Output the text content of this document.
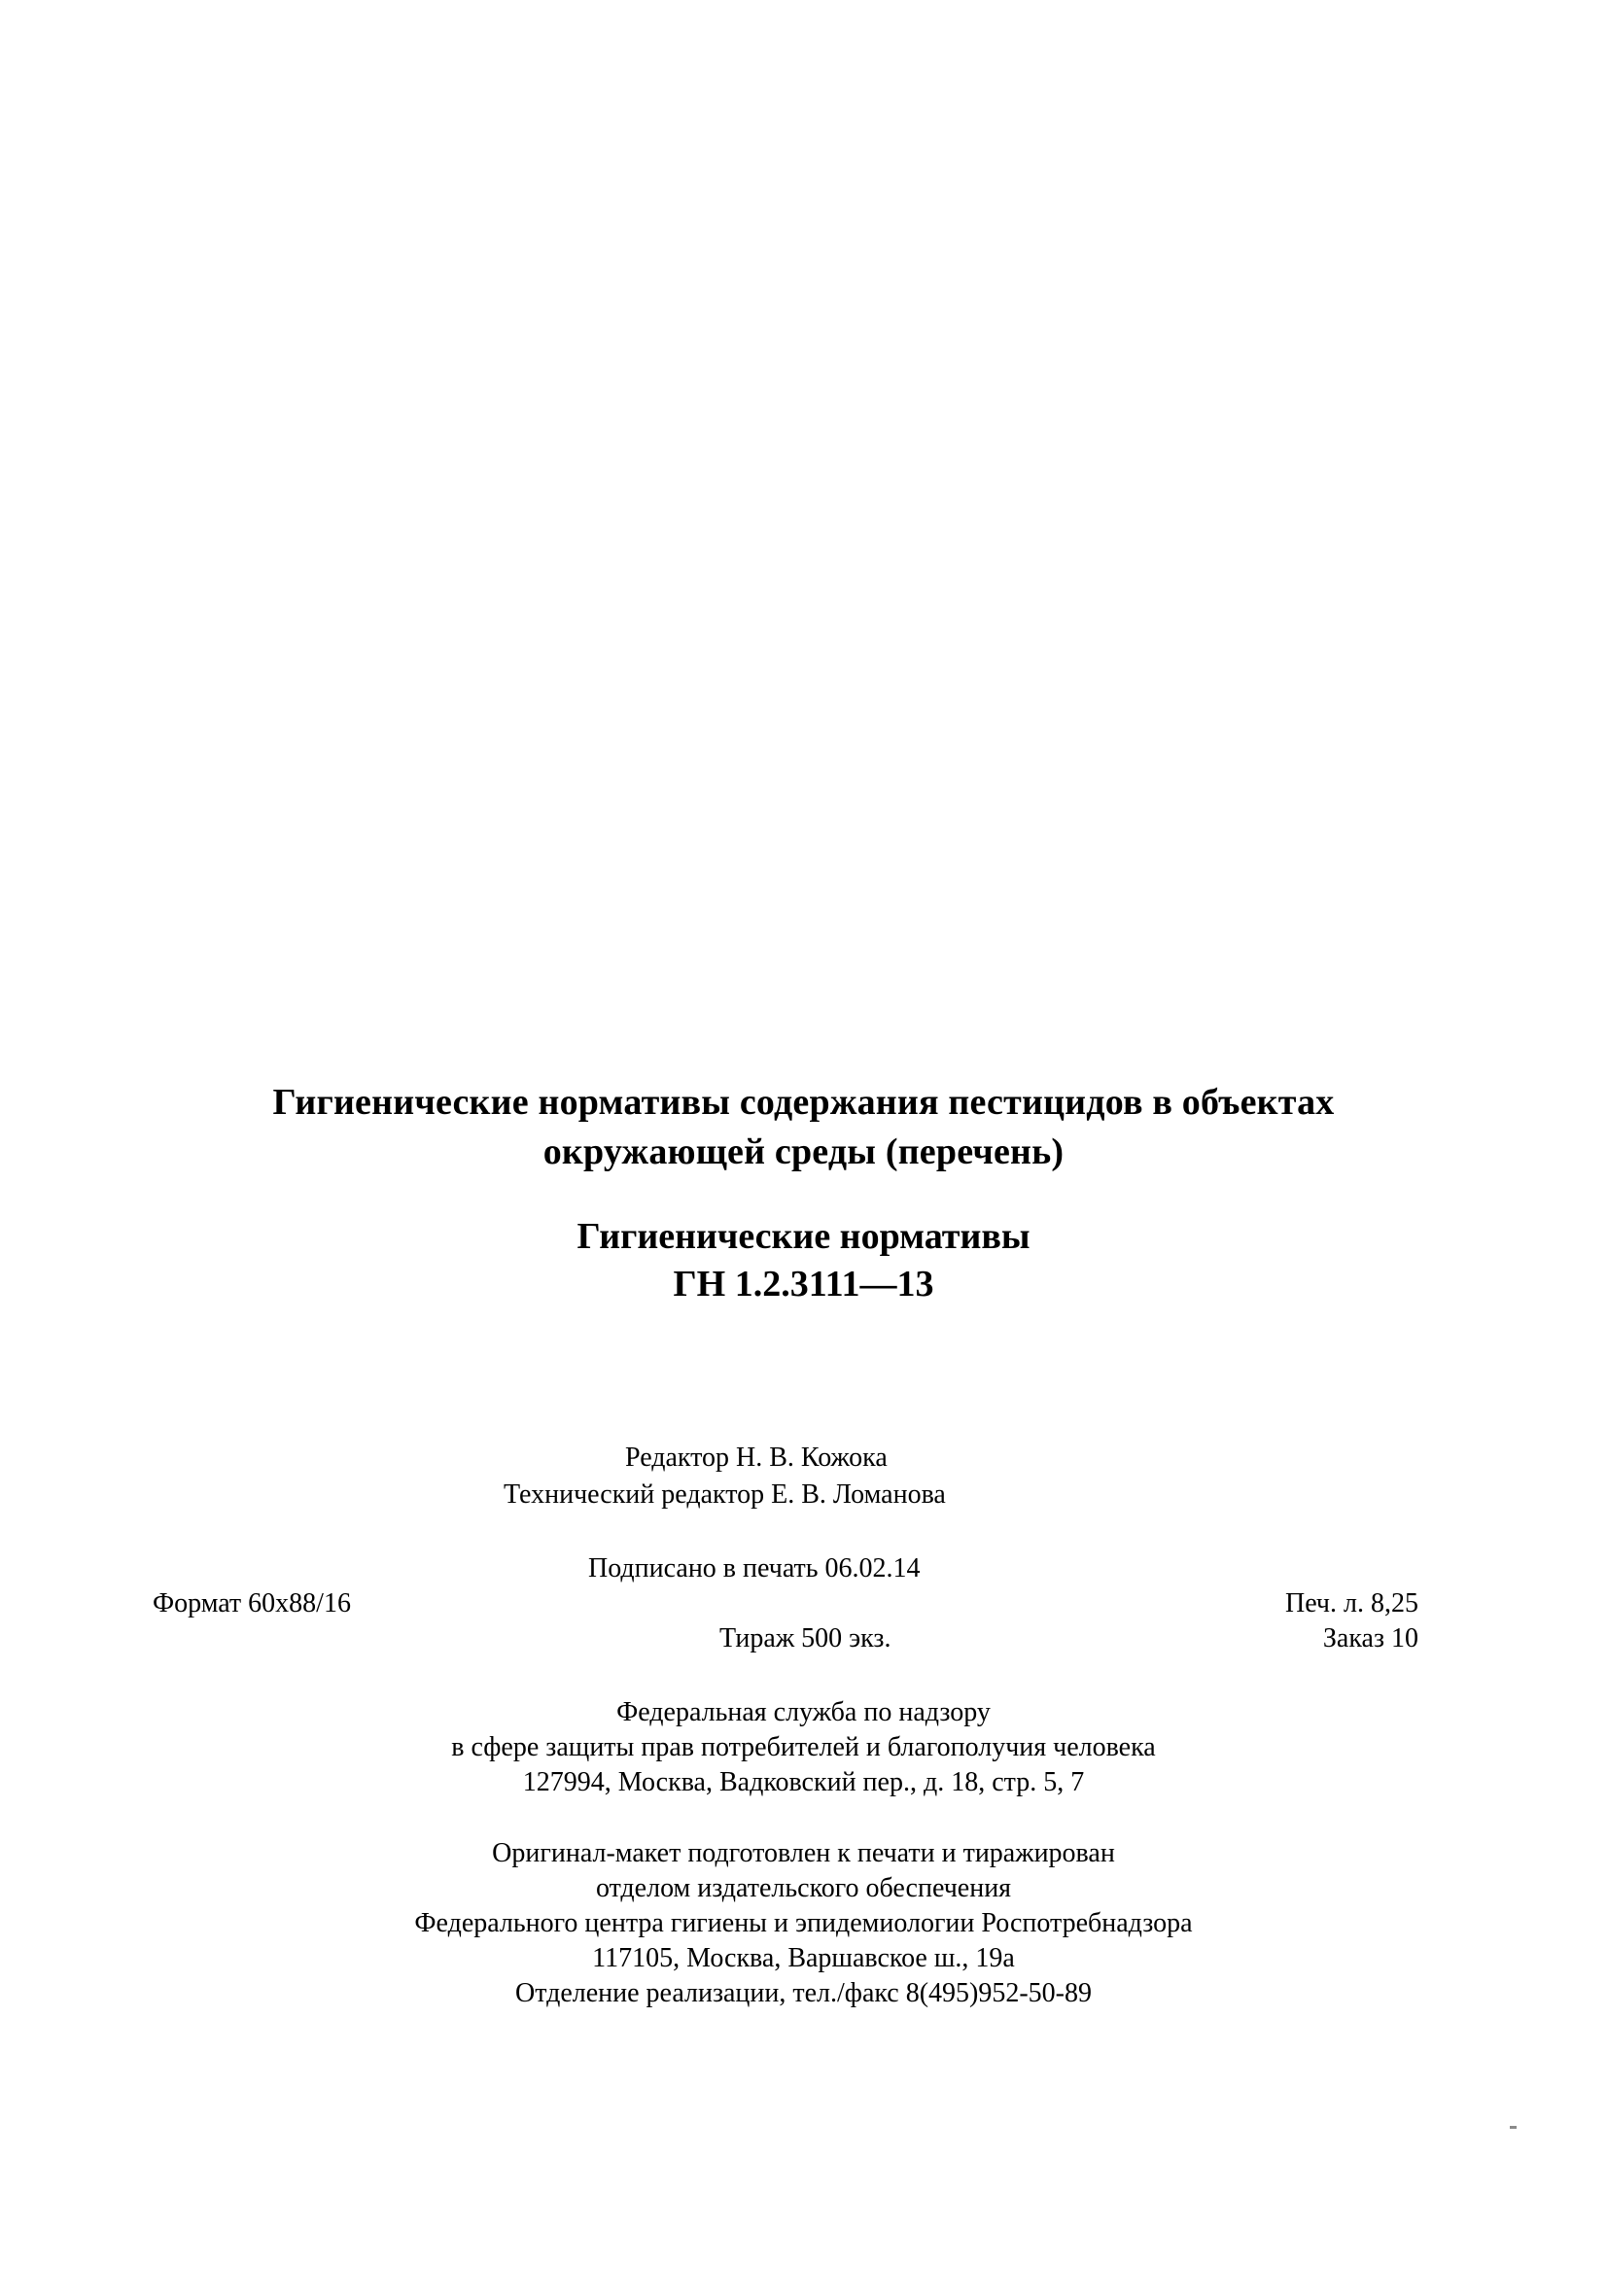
Гигиенические нормативы содержания пестицидов в объектах
окружающей среды (перечень)
Гигиенические нормативы
ГН 1.2.3111—13
Редактор Н. В. Кожока
Технический редактор Е. В. Ломанова
Подписано в печать 06.02.14
Формат 60х88/16	Печ. л. 8,25
Тираж 500 экз.	Заказ 10
Федеральная служба по надзору
в сфере защиты прав потребителей и благополучия человека
127994, Москва, Вадковский пер., д. 18, стр. 5, 7
Оригинал-макет подготовлен к печати и тиражирован
отделом издательского обеспечения
Федерального центра гигиены и эпидемиологии Роспотребнадзора
117105, Москва, Варшавское ш., 19а
Отделение реализации, тел./факс 8(495)952-50-89
